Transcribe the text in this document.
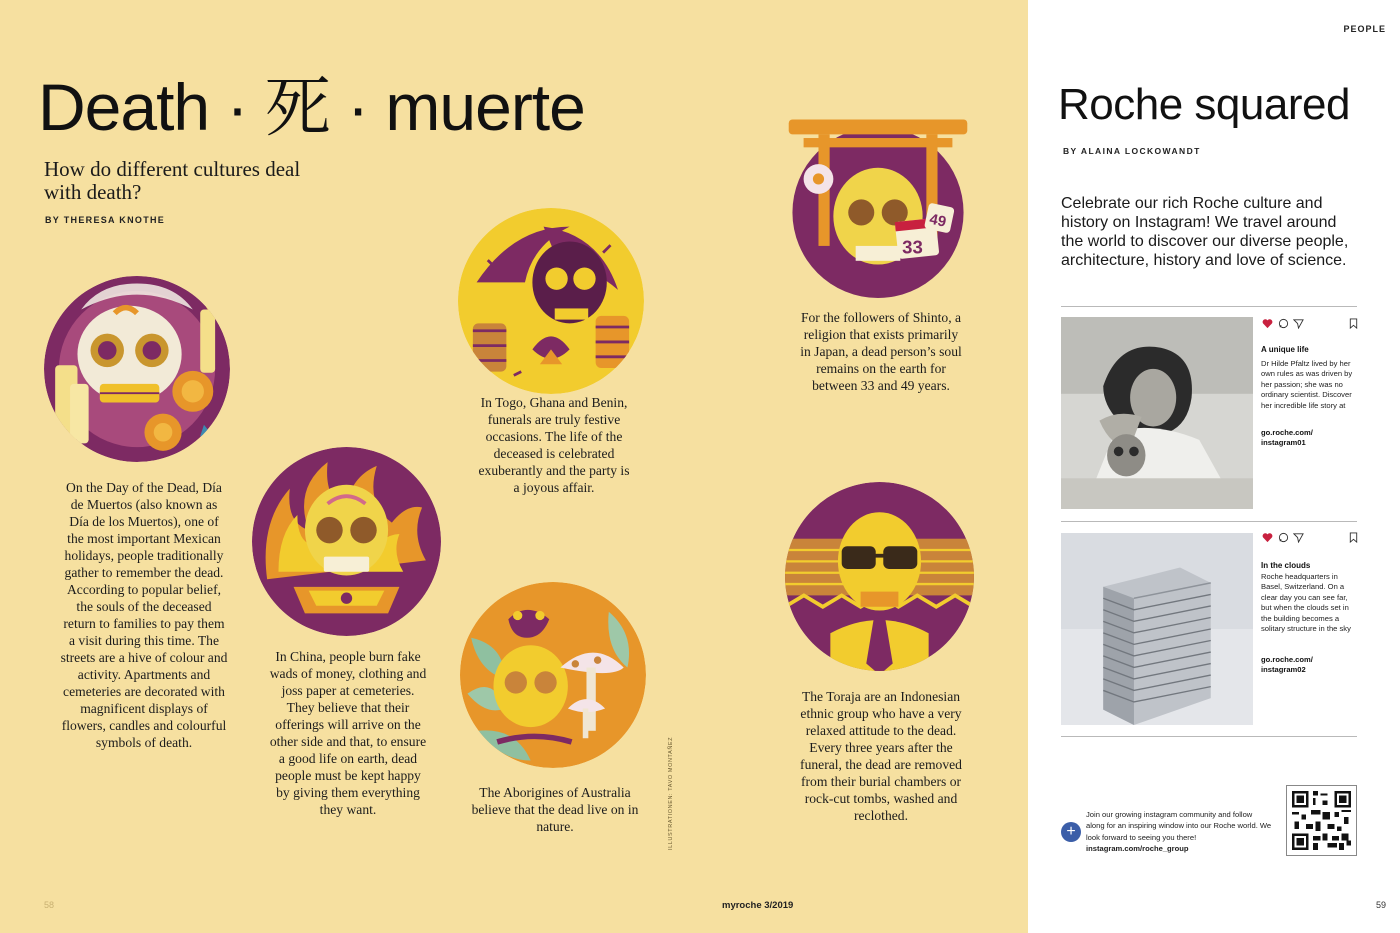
Death · 死 · muerte
How do different cultures deal with death?
BY THERESA KNOTHE
33
49
On the Day of the Dead, Día de Muertos (also known as Día de los Muertos), one of the most important Mexican holidays, people traditionally gather to remember the dead. According to popular belief, the souls of the deceased return to families to pay them a visit during this time. The streets are a hive of colour and activity. Apartments and cemeteries are decorated with magnificent displays of flowers, candles and colourful symbols of death.
In China, people burn fake wads of money, clothing and joss paper at cemeteries. They believe that their offerings will arrive on the other side and that, to ensure a good life on earth, dead people must be kept happy by giving them everything they want.
In Togo, Ghana and Benin, funerals are truly festive occasions. The life of the deceased is celebrated exuberantly and the party is a joyous affair.
The Aborigines of Australia believe that the dead live on in nature.
For the followers of Shinto, a religion that exists primarily in Japan, a dead person’s soul remains on the earth for between 33 and 49 years.
The Toraja are an Indonesian ethnic group who have a very relaxed attitude to the dead. Every three years after the funeral, the dead are removed from their burial chambers or rock-cut tombs, washed and reclothed.
ILLUSTRATIONEN: TAVO MONTAÑEZ
58	myroche 3/2019
PEOPLE
Roche squared
BY ALAINA LOCKOWANDT
Celebrate our rich Roche culture and history on Instagram! We travel around the world to discover our diverse people, architecture, history and love of science.
A unique life
Dr Hilde Pfaltz lived by her own rules as was driven by her passion; she was no ordinary scientist. Discover her incredible life story at
go.roche.com/ instagram01
In the clouds
Roche headquarters in Basel, Switzerland. On a clear day you can see far, but when the clouds set in the building becomes a solitary structure in the sky
go.roche.com/ instagram02
+
Join our growing instagram community and follow along for an inspiring window into our Roche world. We look forward to seeing you there! instagram.com/roche_group
59
